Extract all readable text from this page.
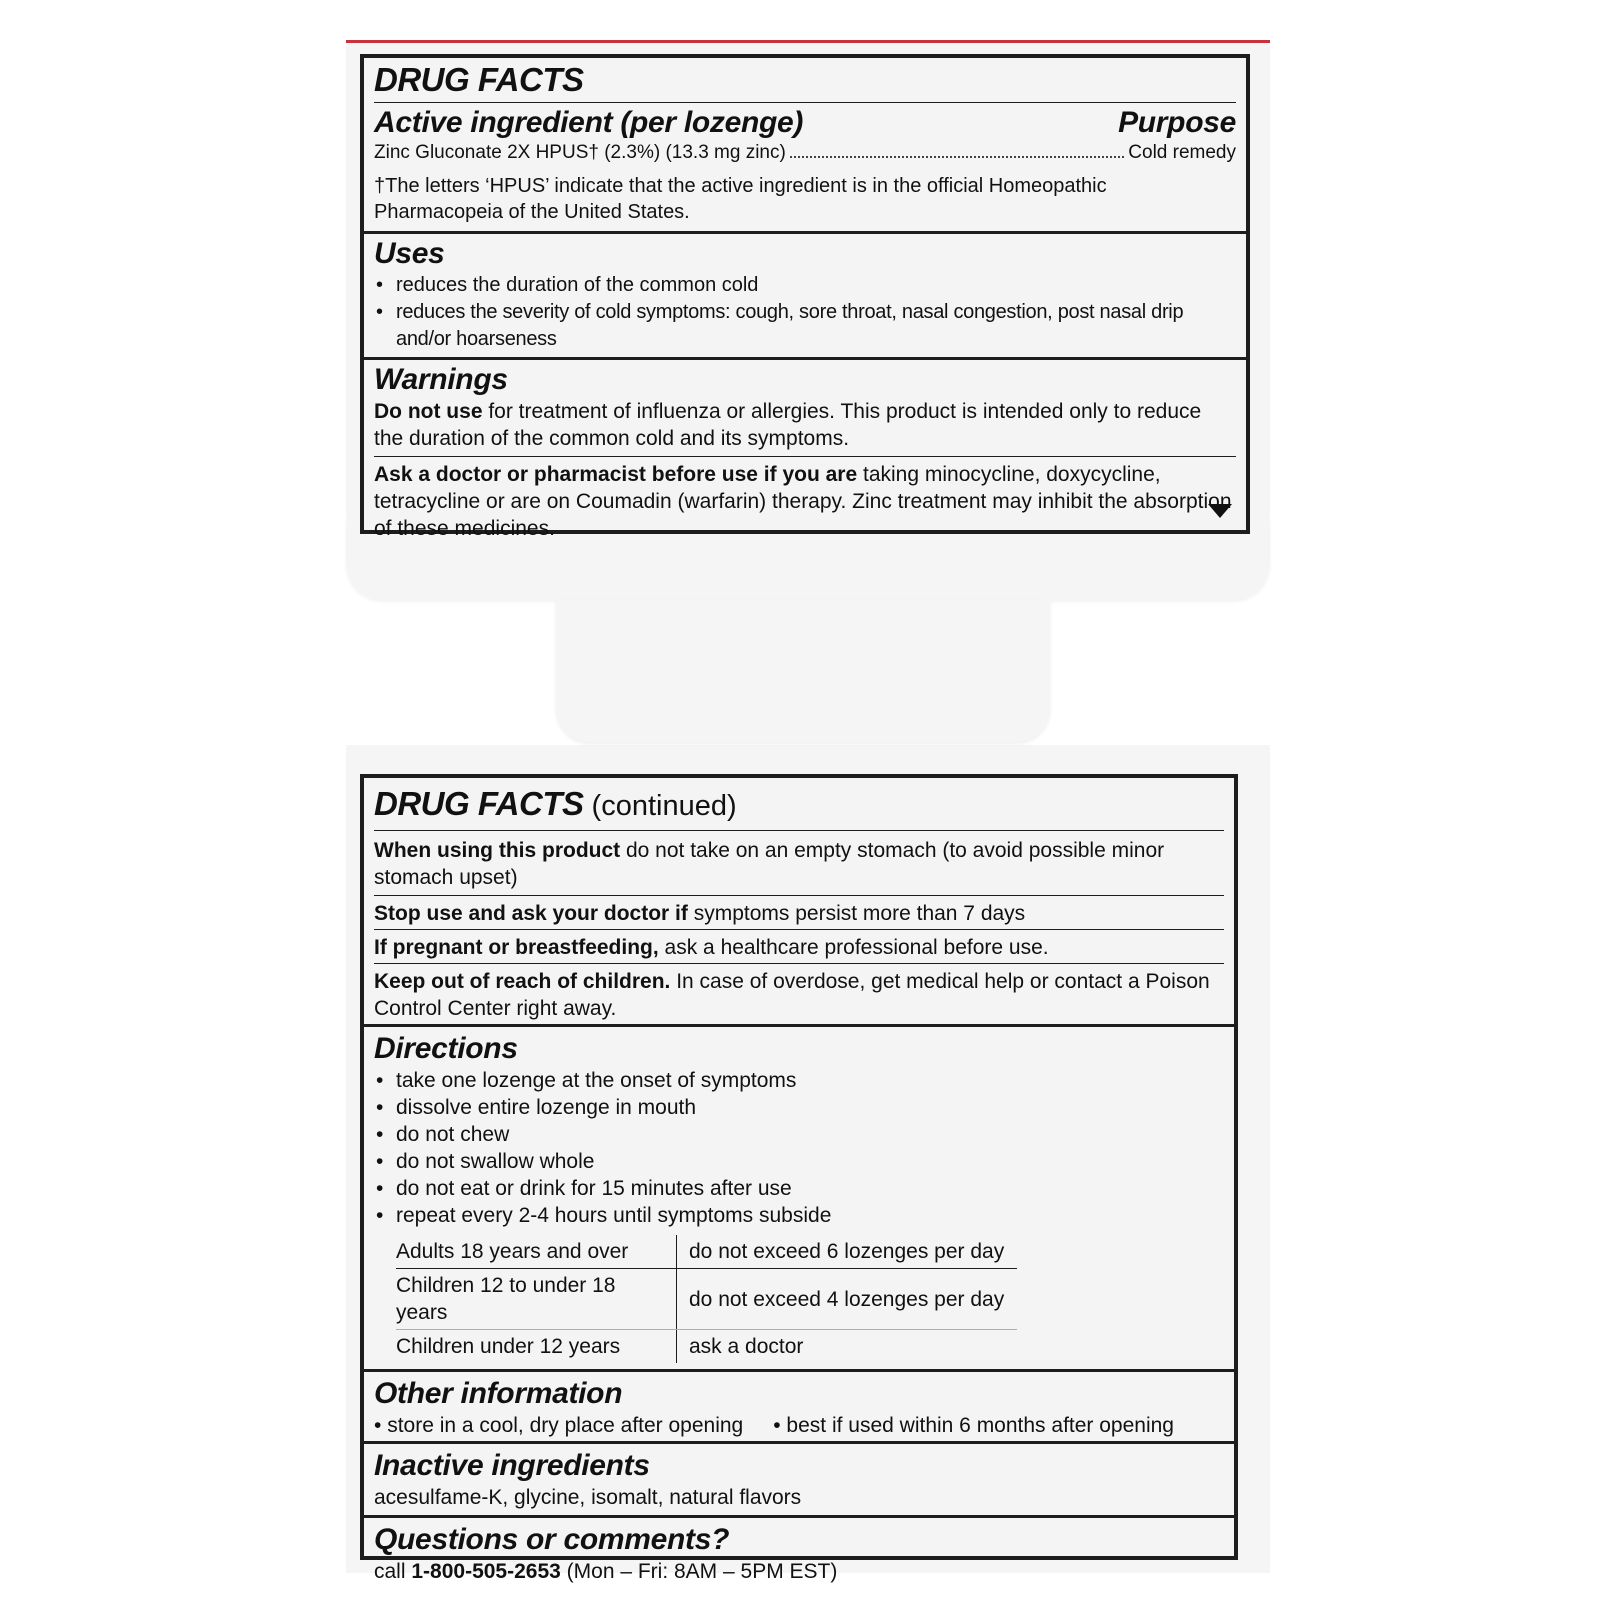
DRUG FACTS
Active ingredient (per lozenge)	Purpose
Zinc Gluconate 2X HPUS† (2.3%) (13.3 mg zinc)	Cold remedy
†The letters ‘HPUS’ indicate that the active ingredient is in the official Homeopathic Pharmacopeia of the United States.
Uses
• reduces the duration of the common cold
• reduces the severity of cold symptoms: cough, sore throat, nasal congestion, post nasal drip and/or hoarseness
Warnings
Do not use for treatment of influenza or allergies. This product is intended only to reduce the duration of the common cold and its symptoms.
Ask a doctor or pharmacist before use if you are taking minocycline, doxycycline, tetracycline or are on Coumadin (warfarin) therapy. Zinc treatment may inhibit the absorption of these medicines.
DRUG FACTS (continued)
When using this product do not take on an empty stomach (to avoid possible minor stomach upset)
Stop use and ask your doctor if symptoms persist more than 7 days
If pregnant or breastfeeding, ask a healthcare professional before use.
Keep out of reach of children. In case of overdose, get medical help or contact a Poison Control Center right away.
Directions
• take one lozenge at the onset of symptoms
• dissolve entire lozenge in mouth
• do not chew
• do not swallow whole
• do not eat or drink for 15 minutes after use
• repeat every 2-4 hours until symptoms subside
Adults 18 years and over	do not exceed 6 lozenges per day
Children 12 to under 18 years	do not exceed 4 lozenges per day
Children under 12 years	ask a doctor
Other information
• store in a cool, dry place after opening • best if used within 6 months after opening
Inactive ingredients
acesulfame-K, glycine, isomalt, natural flavors
Questions or comments?
call 1-800-505-2653 (Mon – Fri: 8AM – 5PM EST)
